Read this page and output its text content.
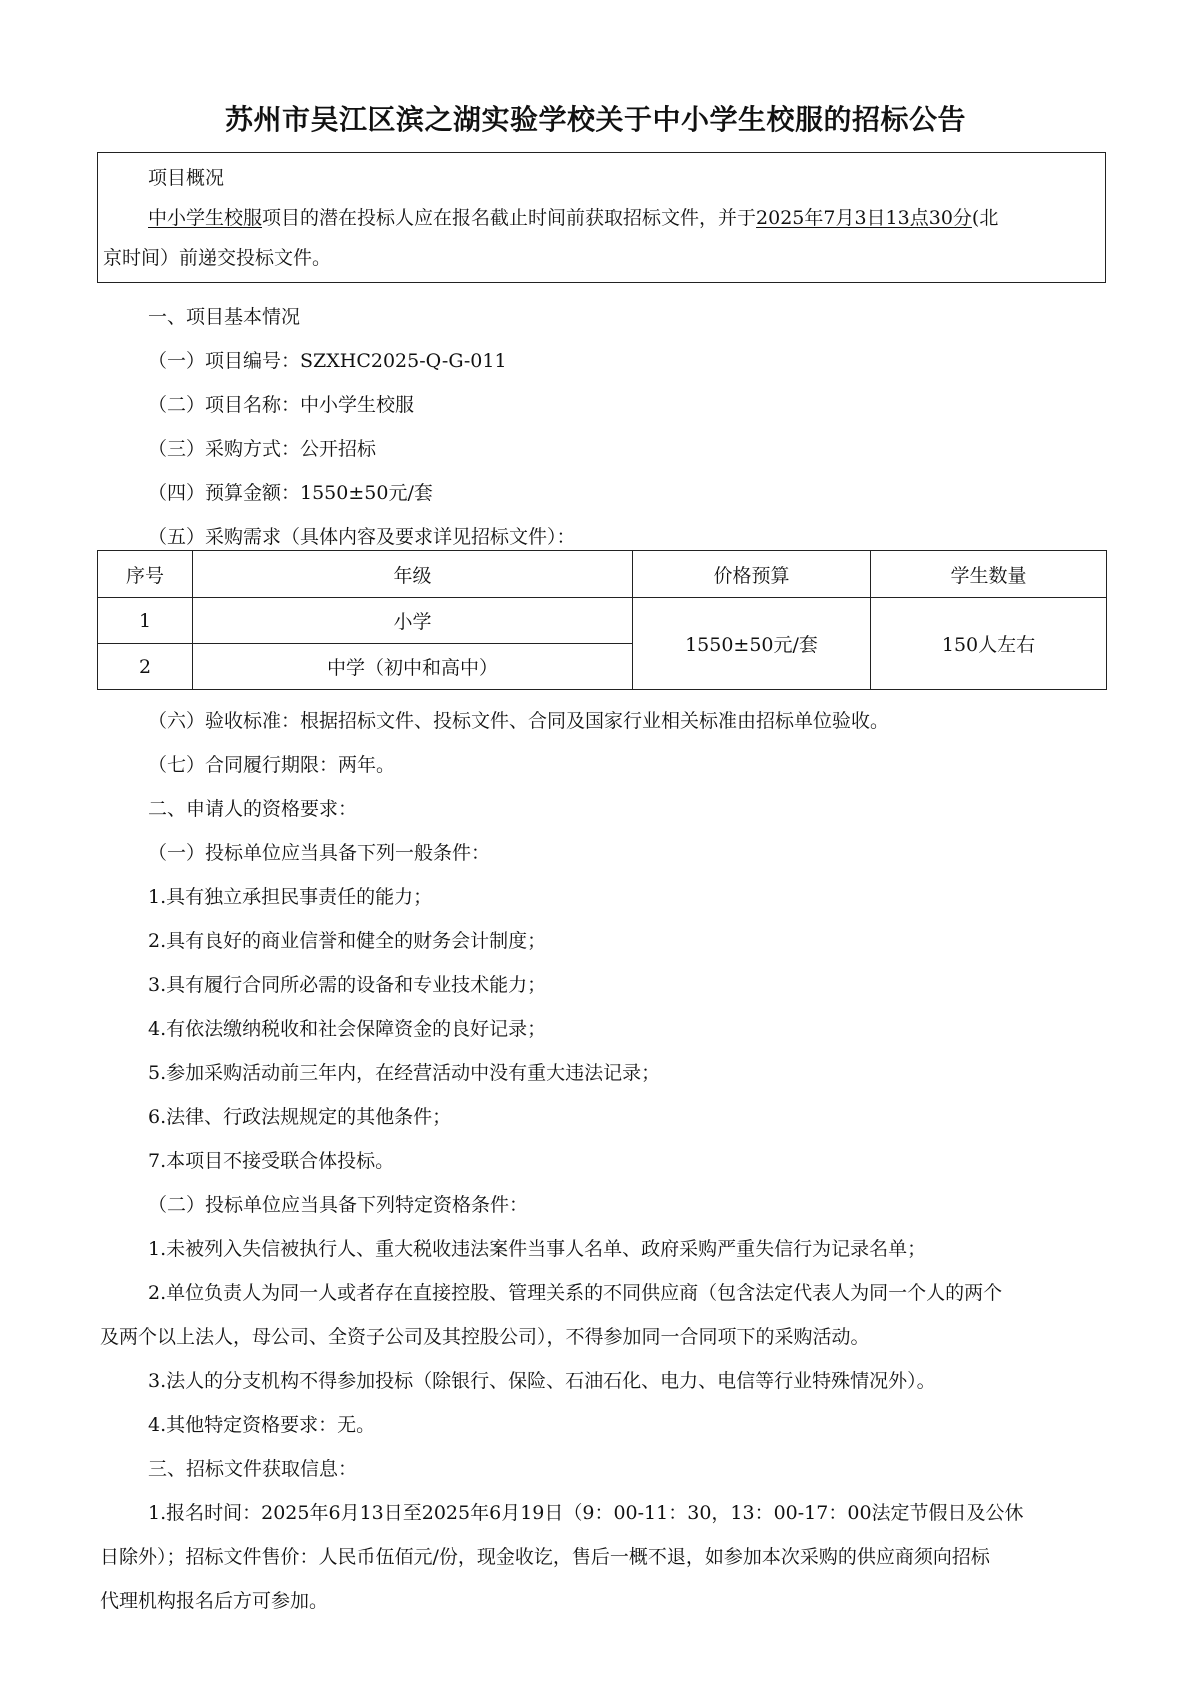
苏州市吴江区滨之湖实验学校关于中小学生校服的招标公告
项目概况
中小学生校服项目的潜在投标人应在报名截止时间前获取招标文件，并于2025年7月3日13点30分(北
京时间）前递交投标文件。
一、项目基本情况
（一）项目编号：SZXHC2025-Q-G-011
（二）项目名称：中小学生校服
（三）采购方式：公开招标
（四）预算金额：1550±50元/套
（五）采购需求（具体内容及要求详见招标文件）：
序号	年级	价格预算	学生数量
1	小学	1550±50元/套	150人左右
2	中学（初中和高中）		
（六）验收标准：根据招标文件、投标文件、合同及国家行业相关标准由招标单位验收。
（七）合同履行期限：两年。
二、申请人的资格要求：
（一）投标单位应当具备下列一般条件：
1.具有独立承担民事责任的能力；
2.具有良好的商业信誉和健全的财务会计制度；
3.具有履行合同所必需的设备和专业技术能力；
4.有依法缴纳税收和社会保障资金的良好记录；
5.参加采购活动前三年内，在经营活动中没有重大违法记录；
6.法律、行政法规规定的其他条件；
7.本项目不接受联合体投标。
（二）投标单位应当具备下列特定资格条件：
1.未被列入失信被执行人、重大税收违法案件当事人名单、政府采购严重失信行为记录名单；
2.单位负责人为同一人或者存在直接控股、管理关系的不同供应商（包含法定代表人为同一个人的两个
及两个以上法人，母公司、全资子公司及其控股公司），不得参加同一合同项下的采购活动。
3.法人的分支机构不得参加投标（除银行、保险、石油石化、电力、电信等行业特殊情况外）。
4.其他特定资格要求：无。
三、招标文件获取信息：
1.报名时间：2025年6月13日至2025年6月19日（9：00-11：30，13：00-17：00法定节假日及公休
日除外）；招标文件售价：人民币伍佰元/份，现金收讫，售后一概不退，如参加本次采购的供应商须向招标
代理机构报名后方可参加。
